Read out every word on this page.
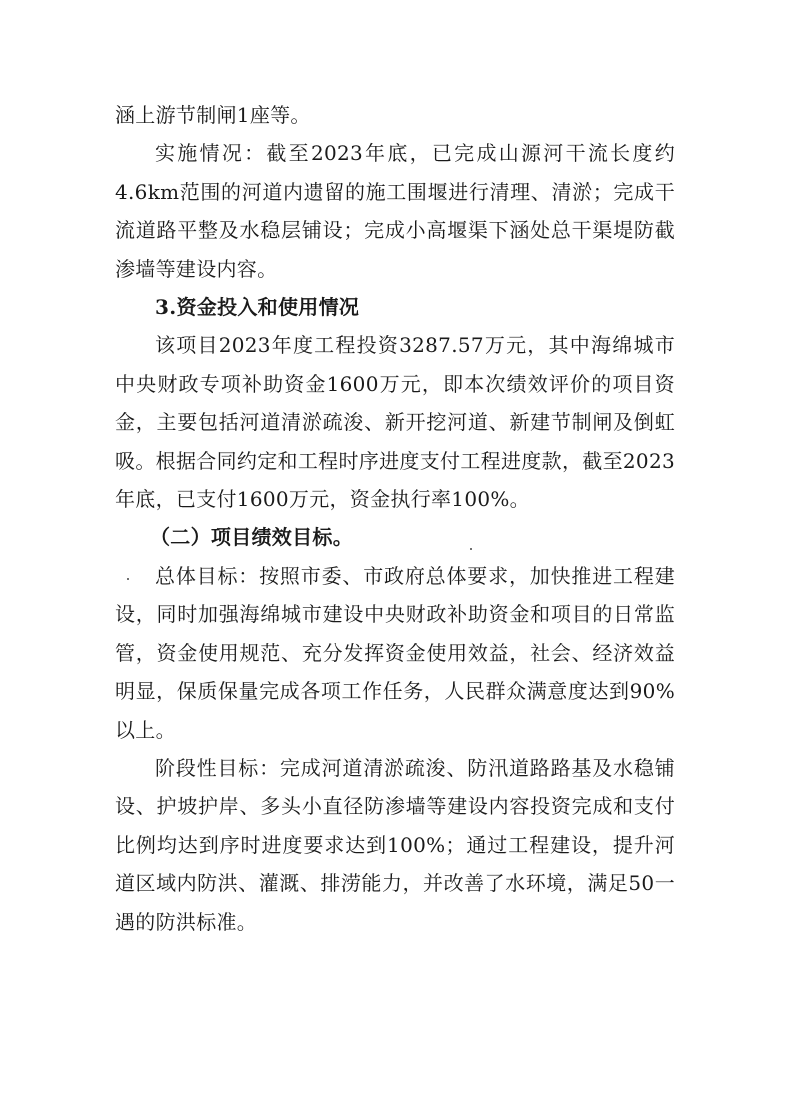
涵上游节制闸1座等。

实施情况：截至2023年底，已完成山源河干流长度约4.6km范围的河道内遗留的施工围堰进行清理、清淤；完成干流道路平整及水稳层铺设；完成小高堰渠下涵处总干渠堤防截渗墙等建设内容。

3.资金投入和使用情况

该项目2023年度工程投资3287.57万元，其中海绵城市中央财政专项补助资金1600万元，即本次绩效评价的项目资金，主要包括河道清淤疏浚、新开挖河道、新建节制闸及倒虹吸。根据合同约定和工程时序进度支付工程进度款，截至2023年底，已支付1600万元，资金执行率100%。

（二）项目绩效目标。

总体目标：按照市委、市政府总体要求，加快推进工程建设，同时加强海绵城市建设中央财政补助资金和项目的日常监管，资金使用规范、充分发挥资金使用效益，社会、经济效益明显，保质保量完成各项工作任务，人民群众满意度达到90%以上。

阶段性目标：完成河道清淤疏浚、防汛道路路基及水稳铺设、护坡护岸、多头小直径防渗墙等建设内容投资完成和支付比例均达到序时进度要求达到100%；通过工程建设，提升河道区域内防洪、灌溉、排涝能力，并改善了水环境，满足50一遇的防洪标准。
